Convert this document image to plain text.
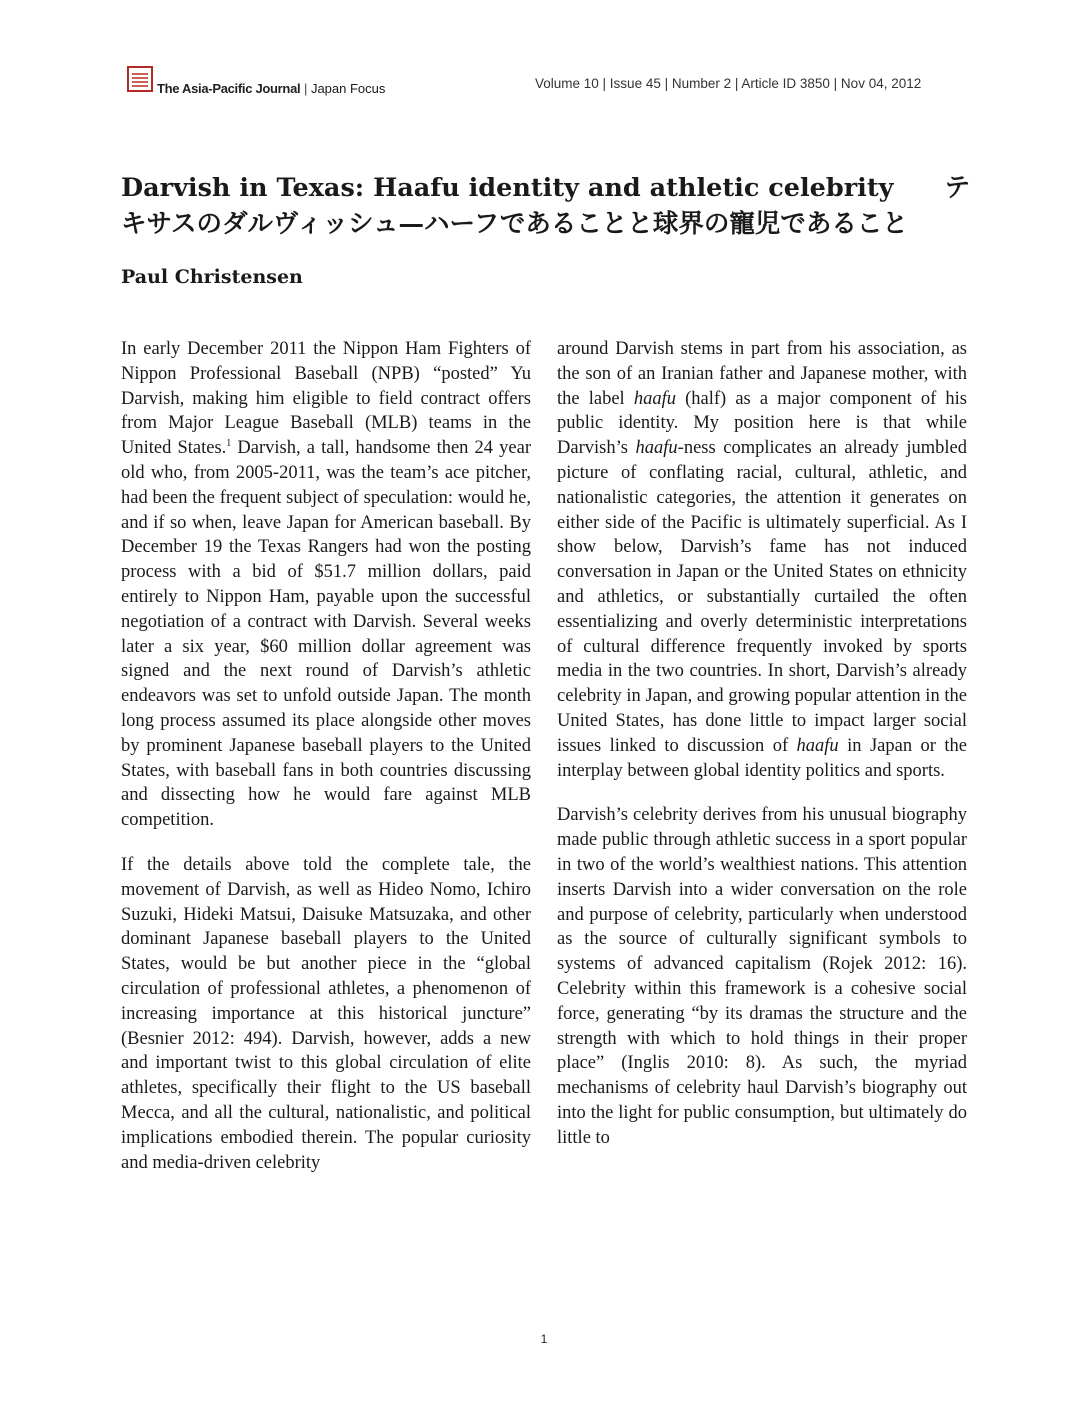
The Asia-Pacific Journal | Japan Focus	Volume 10 | Issue 45 | Number 2 | Article ID 3850 | Nov 04, 2012
Darvish in Texas: Haafu identity and athletic celebrity　　テキサスのダルヴィッシュ—ハーフであることと球界の寵児であること
Paul Christensen

In early December 2011 the Nippon Ham Fighters of Nippon Professional Baseball (NPB) “posted” Yu Darvish, making him eligible to field contract offers from Major League Baseball (MLB) teams in the United States.$^1$ Darvish, a tall, handsome then 24 year old who, from 2005-2011, was the team’s ace pitcher, had been the frequent subject of speculation: would he, and if so when, leave Japan for American baseball. By December 19 the Texas Rangers had won the posting process with a bid of $51.7 million dollars, paid entirely to Nippon Ham, payable upon the successful negotiation of a contract with Darvish. Several weeks later a six year, $60 million dollar agreement was signed and the next round of Darvish’s athletic endeavors was set to unfold outside Japan. The month long process assumed its place alongside other moves by prominent Japanese baseball players to the United States, with baseball fans in both countries discussing and dissecting how he would fare against MLB competition.

If the details above told the complete tale, the movement of Darvish, as well as Hideo Nomo, Ichiro Suzuki, Hideki Matsui, Daisuke Matsuzaka, and other dominant Japanese baseball players to the United States, would be but another piece in the “global circulation of professional athletes, a phenomenon of increasing importance at this historical juncture” (Besnier 2012: 494). Darvish, however, adds a new and important twist to this global circulation of elite athletes, specifically their flight to the US baseball Mecca, and all the cultural, nationalistic, and political implications embodied therein. The popular curiosity and media-driven celebrity

around Darvish stems in part from his association, as the son of an Iranian father and Japanese mother, with the label haafu (half) as a major component of his public identity. My position here is that while Darvish’s haafu-ness complicates an already jumbled picture of conflating racial, cultural, athletic, and nationalistic categories, the attention it generates on either side of the Pacific is ultimately superficial. As I show below, Darvish’s fame has not induced conversation in Japan or the United States on ethnicity and athletics, or substantially curtailed the often essentializing and overly deterministic interpretations of cultural difference frequently invoked by sports media in the two countries. In short, Darvish’s already celebrity in Japan, and growing popular attention in the United States, has done little to impact larger social issues linked to discussion of haafu in Japan or the interplay between global identity politics and sports.

Darvish’s celebrity derives from his unusual biography made public through athletic success in a sport popular in two of the world’s wealthiest nations. This attention inserts Darvish into a wider conversation on the role and purpose of celebrity, particularly when understood as the source of culturally significant symbols to systems of advanced capitalism (Rojek 2012: 16). Celebrity within this framework is a cohesive social force, generating “by its dramas the structure and the strength with which to hold things in their proper place” (Inglis 2010: 8). As such, the myriad mechanisms of celebrity haul Darvish’s biography out into the light for public consumption, but ultimately do little to

1
